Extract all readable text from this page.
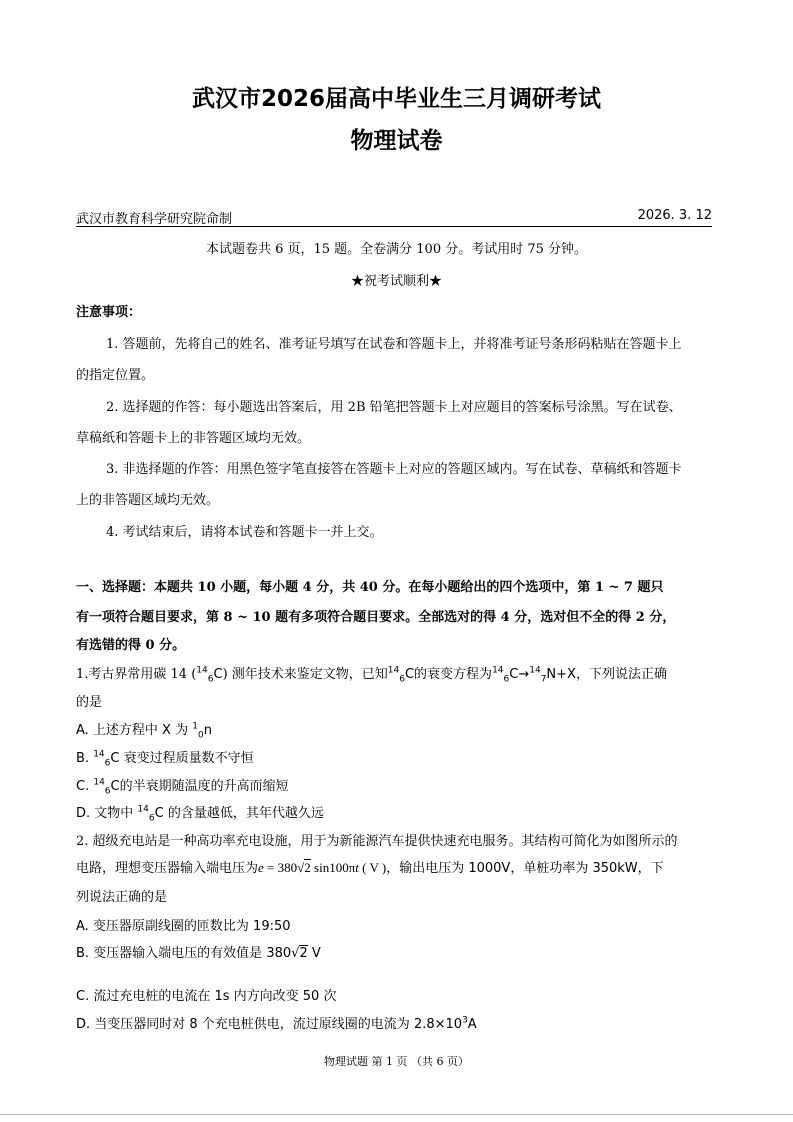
武汉市2026届高中毕业生三月调研考试
物理试卷
武汉市教育科学研究院命制	2026. 3. 12
本试题卷共 6 页，15 题。全卷满分 100 分。考试用时 75 分钟。
★祝考试顺利★
注意事项：
1. 答题前，先将自己的姓名、准考证号填写在试卷和答题卡上，并将准考证号条形码粘贴在答题卡上
的指定位置。
2. 选择题的作答：每小题选出答案后，用 2B 铅笔把答题卡上对应题目的答案标号涂黑。写在试卷、
草稿纸和答题卡上的非答题区域均无效。
3. 非选择题的作答：用黑色签字笔直接答在答题卡上对应的答题区域内。写在试卷、草稿纸和答题卡
上的非答题区域均无效。
4. 考试结束后，请将本试卷和答题卡一并上交。
一、选择题：本题共 10 小题，每小题 4 分，共 40 分。在每小题给出的四个选项中，第 1 ~ 7 题只
有一项符合题目要求，第 8 ~ 10 题有多项符合题目要求。全部选对的得 4 分，选对但不全的得 2 分，
有选错的得 0 分。
1.考古界常用碳 14 ($^{14}_6$C) 测年技术来鉴定文物，已知$^{14}_6$C的衰变方程为$^{14}_6$C→$^{14}_7$N+X，下列说法正确
的是
A. 上述方程中 X 为 $^1_0$n
B. $^{14}_6$C 衰变过程质量数不守恒
C. $^{14}_6$C的半衰期随温度的升高而缩短
D. 文物中 $^{14}_6$C 的含量越低，其年代越久远
2. 超级充电站是一种高功率充电设施，用于为新能源汽车提供快速充电服务。其结构可简化为如图所示的
电路，理想变压器输入端电压为e = 380√2 sin100πt ( V )，输出电压为 1000V，单桩功率为 350kW，下
列说法正确的是
A. 变压器原副线圈的匝数比为 19:50
B. 变压器输入端电压的有效值是 380√2 V
C. 流过充电桩的电流在 1s 内方向改变 50 次
D. 当变压器同时对 8 个充电桩供电，流过原线圈的电流为 $2.8\times 10^3A$
物理试题 第 1 页 （共 6 页）
